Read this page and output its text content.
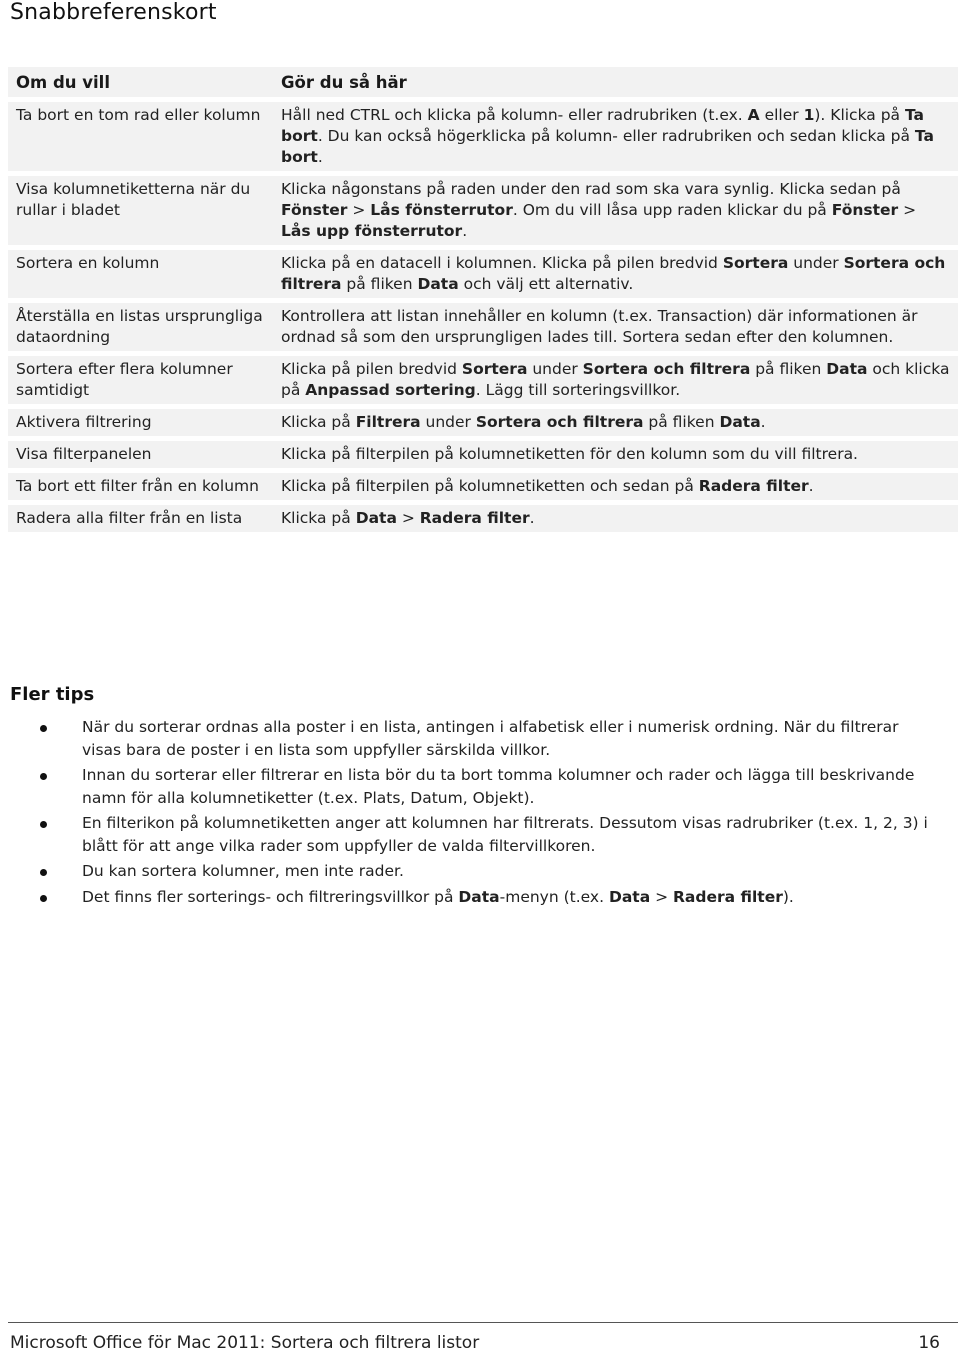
Snabbreferenskort
Om du vill	Gör du så här
Ta bort en tom rad eller kolumn	Håll ned CTRL och klicka på kolumn- eller radrubriken (t.ex. A eller 1). Klicka på Ta bort. Du kan också högerklicka på kolumn- eller radrubriken och sedan klicka på Ta bort.
Visa kolumnetiketterna när du rullar i bladet	Klicka någonstans på raden under den rad som ska vara synlig. Klicka sedan på Fönster > Lås fönsterrutor. Om du vill låsa upp raden klickar du på Fönster > Lås upp fönsterrutor.
Sortera en kolumn	Klicka på en datacell i kolumnen. Klicka på pilen bredvid Sortera under Sortera och filtrera på fliken Data och välj ett alternativ.
Återställa en listas ursprungliga dataordning	Kontrollera att listan innehåller en kolumn (t.ex. Transaction) där informationen är ordnad så som den ursprungligen lades till. Sortera sedan efter den kolumnen.
Sortera efter flera kolumner samtidigt	Klicka på pilen bredvid Sortera under Sortera och filtrera på fliken Data och klicka på Anpassad sortering. Lägg till sorteringsvillkor.
Aktivera filtrering	Klicka på Filtrera under Sortera och filtrera på fliken Data.
Visa filterpanelen	Klicka på filterpilen på kolumnetiketten för den kolumn som du vill filtrera.
Ta bort ett filter från en kolumn	Klicka på filterpilen på kolumnetiketten och sedan på Radera filter.
Radera alla filter från en lista	Klicka på Data > Radera filter.
Fler tips
När du sorterar ordnas alla poster i en lista, antingen i alfabetisk eller i numerisk ordning. När du filtrerar visas bara de poster i en lista som uppfyller särskilda villkor.
Innan du sorterar eller filtrerar en lista bör du ta bort tomma kolumner och rader och lägga till beskrivande namn för alla kolumnetiketter (t.ex. Plats, Datum, Objekt).
En filterikon på kolumnetiketten anger att kolumnen har filtrerats. Dessutom visas radrubriker (t.ex. 1, 2, 3) i blått för att ange vilka rader som uppfyller de valda filtervillkoren.
Du kan sortera kolumner, men inte rader.
Det finns fler sorterings- och filtreringsvillkor på Data-menyn (t.ex. Data > Radera filter).
Microsoft Office för Mac 2011: Sortera och filtrera listor	16
